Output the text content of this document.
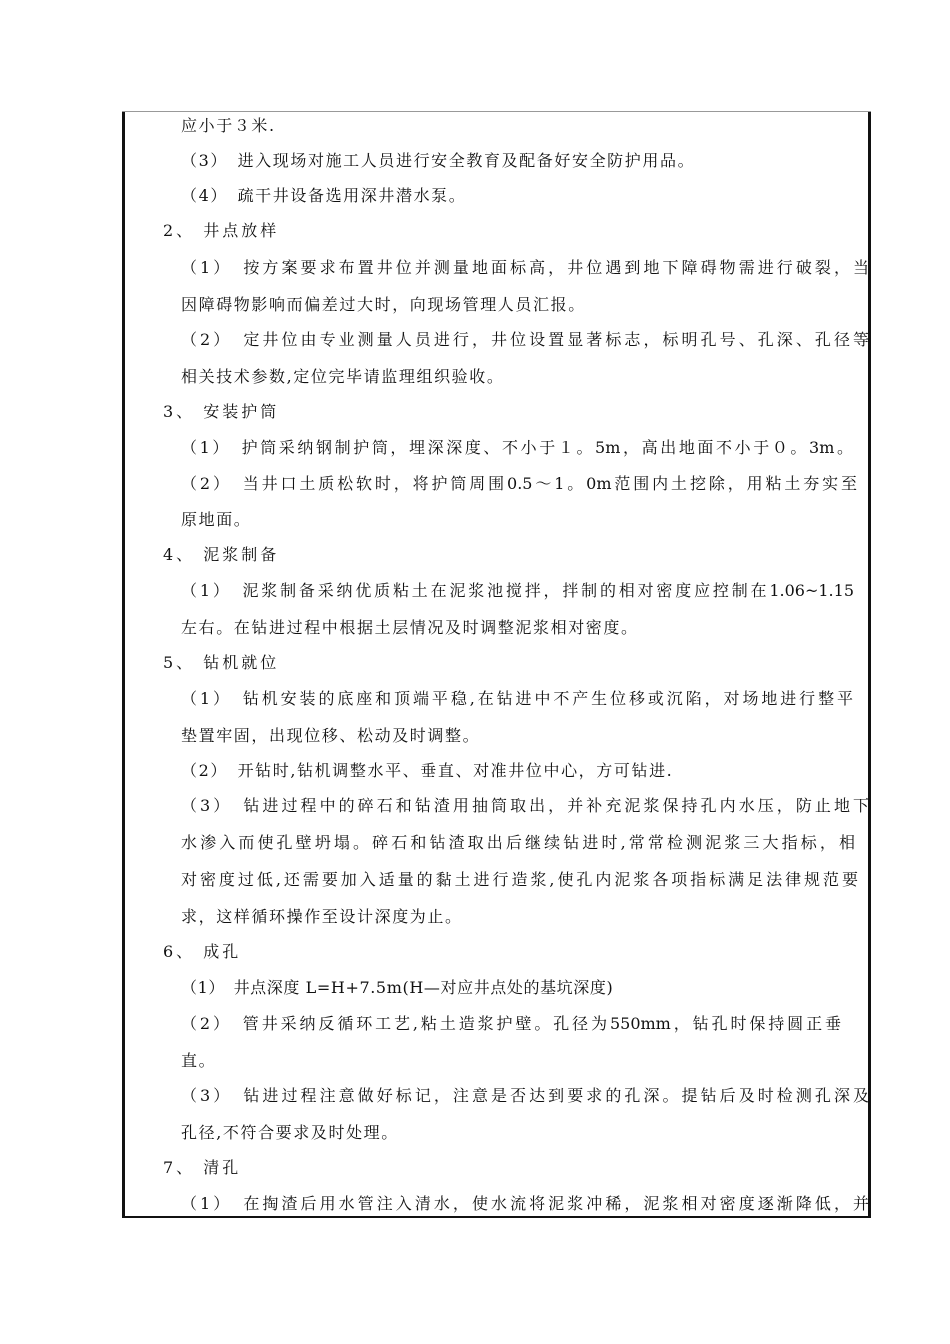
应小于３米.
（3）　进入现场对施工人员进行安全教育及配备好安全防护用品。
（4）　疏干井设备选用深井潜水泵。
2、 井点放样
（1）　按方案要求布置井位并测量地面标高，井位遇到地下障碍物需进行破裂，当
因障碍物影响而偏差过大时，向现场管理人员汇报。
（2）　定井位由专业测量人员进行，井位设置显著标志，标明孔号、孔深、孔径等
相关技术参数,定位完毕请监理组织验收。
3、 安装护筒
（1）　护筒采纳钢制护筒，埋深深度、不小于１。5m，高出地面不小于０。3m。
（2）　当井口土质松软时，将护筒周围0.5～1。0m范围内土挖除，用粘土夯实至
原地面。
4、 泥浆制备
（1）　泥浆制备采纳优质粘土在泥浆池搅拌，拌制的相对密度应控制在1.06~1.15
左右。在钻进过程中根据土层情况及时调整泥浆相对密度。
5、 钻机就位
（1）　钻机安装的底座和顶端平稳,在钻进中不产生位移或沉陷，对场地进行整平
垫置牢固，出现位移、松动及时调整。
（2）　开钻时,钻机调整水平、垂直、对准井位中心，方可钻进.
（3）　钻进过程中的碎石和钻渣用抽筒取出，并补充泥浆保持孔内水压，防止地下
水渗入而使孔壁坍塌。碎石和钻渣取出后继续钻进时,常常检测泥浆三大指标，相
对密度过低,还需要加入适量的黏土进行造浆,使孔内泥浆各项指标满足法律规范要
求，这样循环操作至设计深度为止。
6、 成孔
（1）　井点深度 L=H+7.5m(H—对应井点处的基坑深度)
（2）　管井采纳反循环工艺,粘土造浆护壁。孔径为550mm，钻孔时保持圆正垂
直。
（3）　钻进过程注意做好标记，注意是否达到要求的孔深。提钻后及时检测孔深及
孔径,不符合要求及时处理。
7、 清孔
（1）　在掏渣后用水管注入清水，使水流将泥浆冲稀，泥浆相对密度逐渐降低，并
